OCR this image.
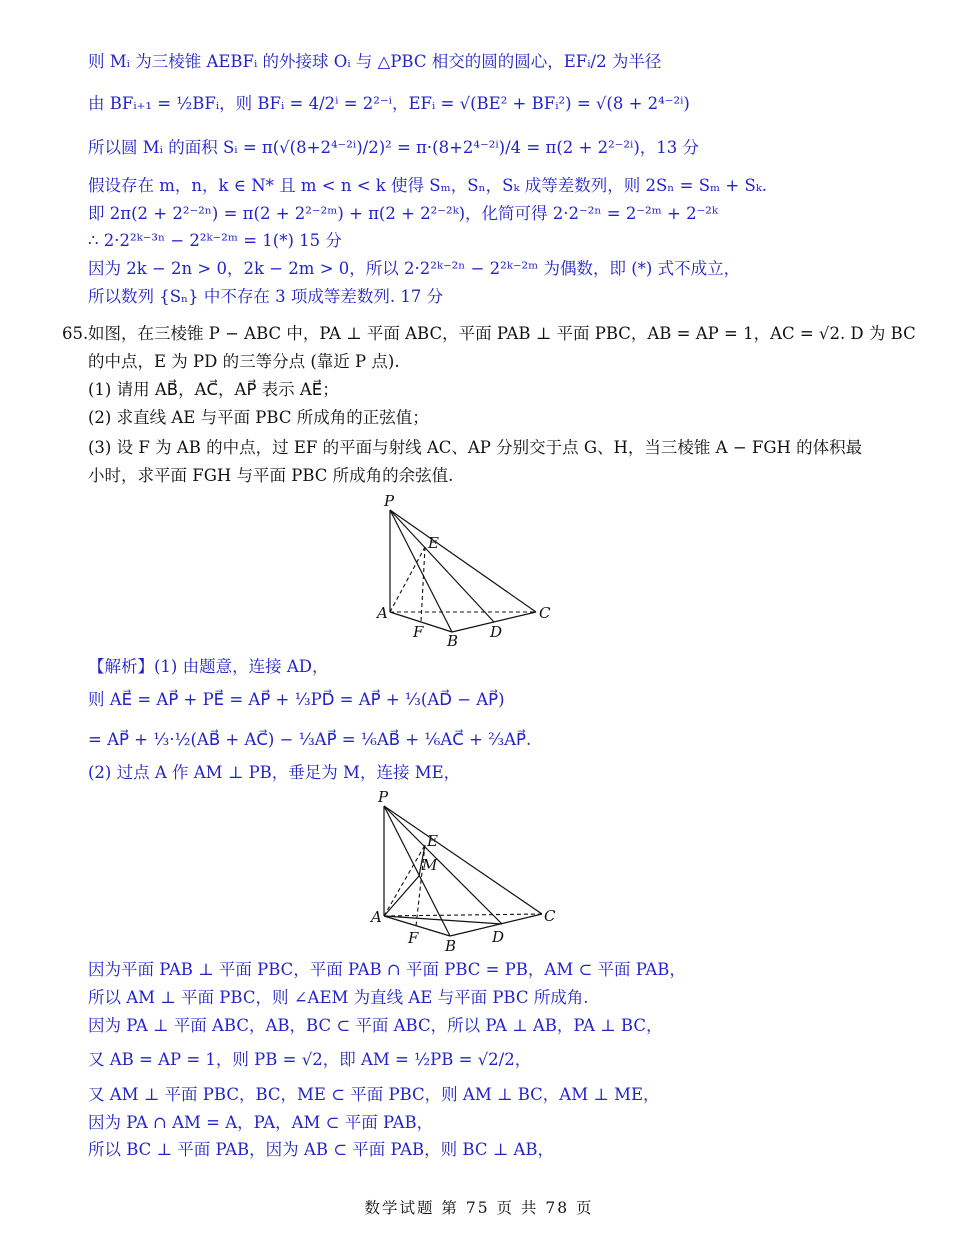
则 Mᵢ 为三棱锥 AEBFᵢ 的外接球 Oᵢ 与 △PBC 相交的圆的圆心，EFᵢ/2 为半径
由 BFᵢ₊₁ = ½BFᵢ，则 BFᵢ = 4/2ⁱ = 2²⁻ⁱ，EFᵢ = √(BE² + BFᵢ²) = √(8 + 2⁴⁻²ⁱ)
所以圆 Mᵢ 的面积 Sᵢ = π(√(8+2⁴⁻²ⁱ)/2)² = π·(8+2⁴⁻²ⁱ)/4 = π(2 + 2²⁻²ⁱ)，13 分
假设存在 m，n，k ∈ N* 且 m < n < k 使得 Sₘ，Sₙ，Sₖ 成等差数列，则 2Sₙ = Sₘ + Sₖ.
即 2π(2 + 2²⁻²ⁿ) = π(2 + 2²⁻²ᵐ) + π(2 + 2²⁻²ᵏ)，化简可得 2·2⁻²ⁿ = 2⁻²ᵐ + 2⁻²ᵏ
∴ 2·2²ᵏ⁻³ⁿ − 2²ᵏ⁻²ᵐ = 1(*) 15 分
因为 2k − 2n > 0，2k − 2m > 0，所以 2·2²ᵏ⁻²ⁿ − 2²ᵏ⁻²ᵐ 为偶数，即 (*) 式不成立，
所以数列 {Sₙ} 中不存在 3 项成等差数列. 17 分
65. 如图，在三棱锥 P − ABC 中，PA ⊥ 平面 ABC，平面 PAB ⊥ 平面 PBC，AB = AP = 1，AC = √2. D 为 BC
的中点，E 为 PD 的三等分点 (靠近 P 点).
(1) 请用 AB⃗，AC⃗，AP⃗ 表示 AE⃗；
(2) 求直线 AE 与平面 PBC 所成角的正弦值；
(3) 设 F 为 AB 的中点，过 EF 的平面与射线 AC、AP 分别交于点 G、H，当三棱锥 A − FGH 的体积最
小时，求平面 FGH 与平面 PBC 所成角的余弦值.
P
E
A
F B D
C
【解析】(1) 由题意，连接 AD，
则 AE⃗ = AP⃗ + PE⃗ = AP⃗ + ⅓PD⃗ = AP⃗ + ⅓(AD⃗ − AP⃗)
= AP⃗ + ⅓·½(AB⃗ + AC⃗) − ⅓AP⃗ = ⅙AB⃗ + ⅙AC⃗ + ⅔AP⃗.
(2) 过点 A 作 AM ⊥ PB，垂足为 M，连接 ME，
P
E
M
A
F B D
C
因为平面 PAB ⊥ 平面 PBC，平面 PAB ∩ 平面 PBC = PB，AM ⊂ 平面 PAB，
所以 AM ⊥ 平面 PBC，则 ∠AEM 为直线 AE 与平面 PBC 所成角.
因为 PA ⊥ 平面 ABC，AB，BC ⊂ 平面 ABC，所以 PA ⊥ AB，PA ⊥ BC，
又 AB = AP = 1，则 PB = √2，即 AM = ½PB = √2/2，
又 AM ⊥ 平面 PBC，BC，ME ⊂ 平面 PBC，则 AM ⊥ BC，AM ⊥ ME，
因为 PA ∩ AM = A，PA，AM ⊂ 平面 PAB，
所以 BC ⊥ 平面 PAB，因为 AB ⊂ 平面 PAB，则 BC ⊥ AB，
数学试题 第 75 页 共 78 页
